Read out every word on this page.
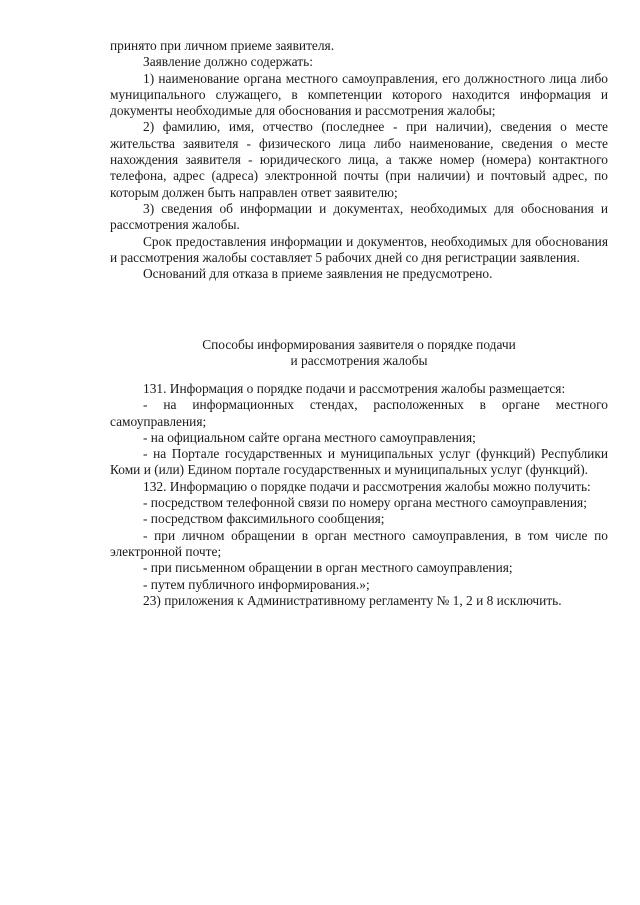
принято при личном приеме заявителя.

Заявление должно содержать:

1) наименование органа местного самоуправления, его должностного лица либо муниципального служащего, в компетенции которого находится информация и документы необходимые для обоснования и рассмотрения жалобы;

2) фамилию, имя, отчество (последнее - при наличии), сведения о месте жительства заявителя - физического лица либо наименование, сведения о месте нахождения заявителя - юридического лица, а также номер (номера) контактного телефона, адрес (адреса) электронной почты (при наличии) и почтовый адрес, по которым должен быть направлен ответ заявителю;

3) сведения об информации и документах, необходимых для обоснования и рассмотрения жалобы.

Срок предоставления информации и документов, необходимых для обоснования и рассмотрения жалобы составляет 5 рабочих дней со дня регистрации заявления.

Оснований для отказа в приеме заявления не предусмотрено.

Способы информирования заявителя о порядке подачи
и рассмотрения жалобы

131. Информация о порядке подачи и рассмотрения жалобы размещается:

- на информационных стендах, расположенных в органе местного самоуправления;

- на официальном сайте органа местного самоуправления;

- на Портале государственных и муниципальных услуг (функций) Республики Коми и (или) Едином портале государственных и муниципальных услуг (функций).

132. Информацию о порядке подачи и рассмотрения жалобы можно получить:

- посредством телефонной связи по номеру органа местного самоуправления;

- посредством факсимильного сообщения;

- при личном обращении в орган местного самоуправления, в том числе по электронной почте;

- при письменном обращении в орган местного самоуправления;

- путем публичного информирования.»;

23) приложения к Административному регламенту № 1, 2 и 8 исключить.
